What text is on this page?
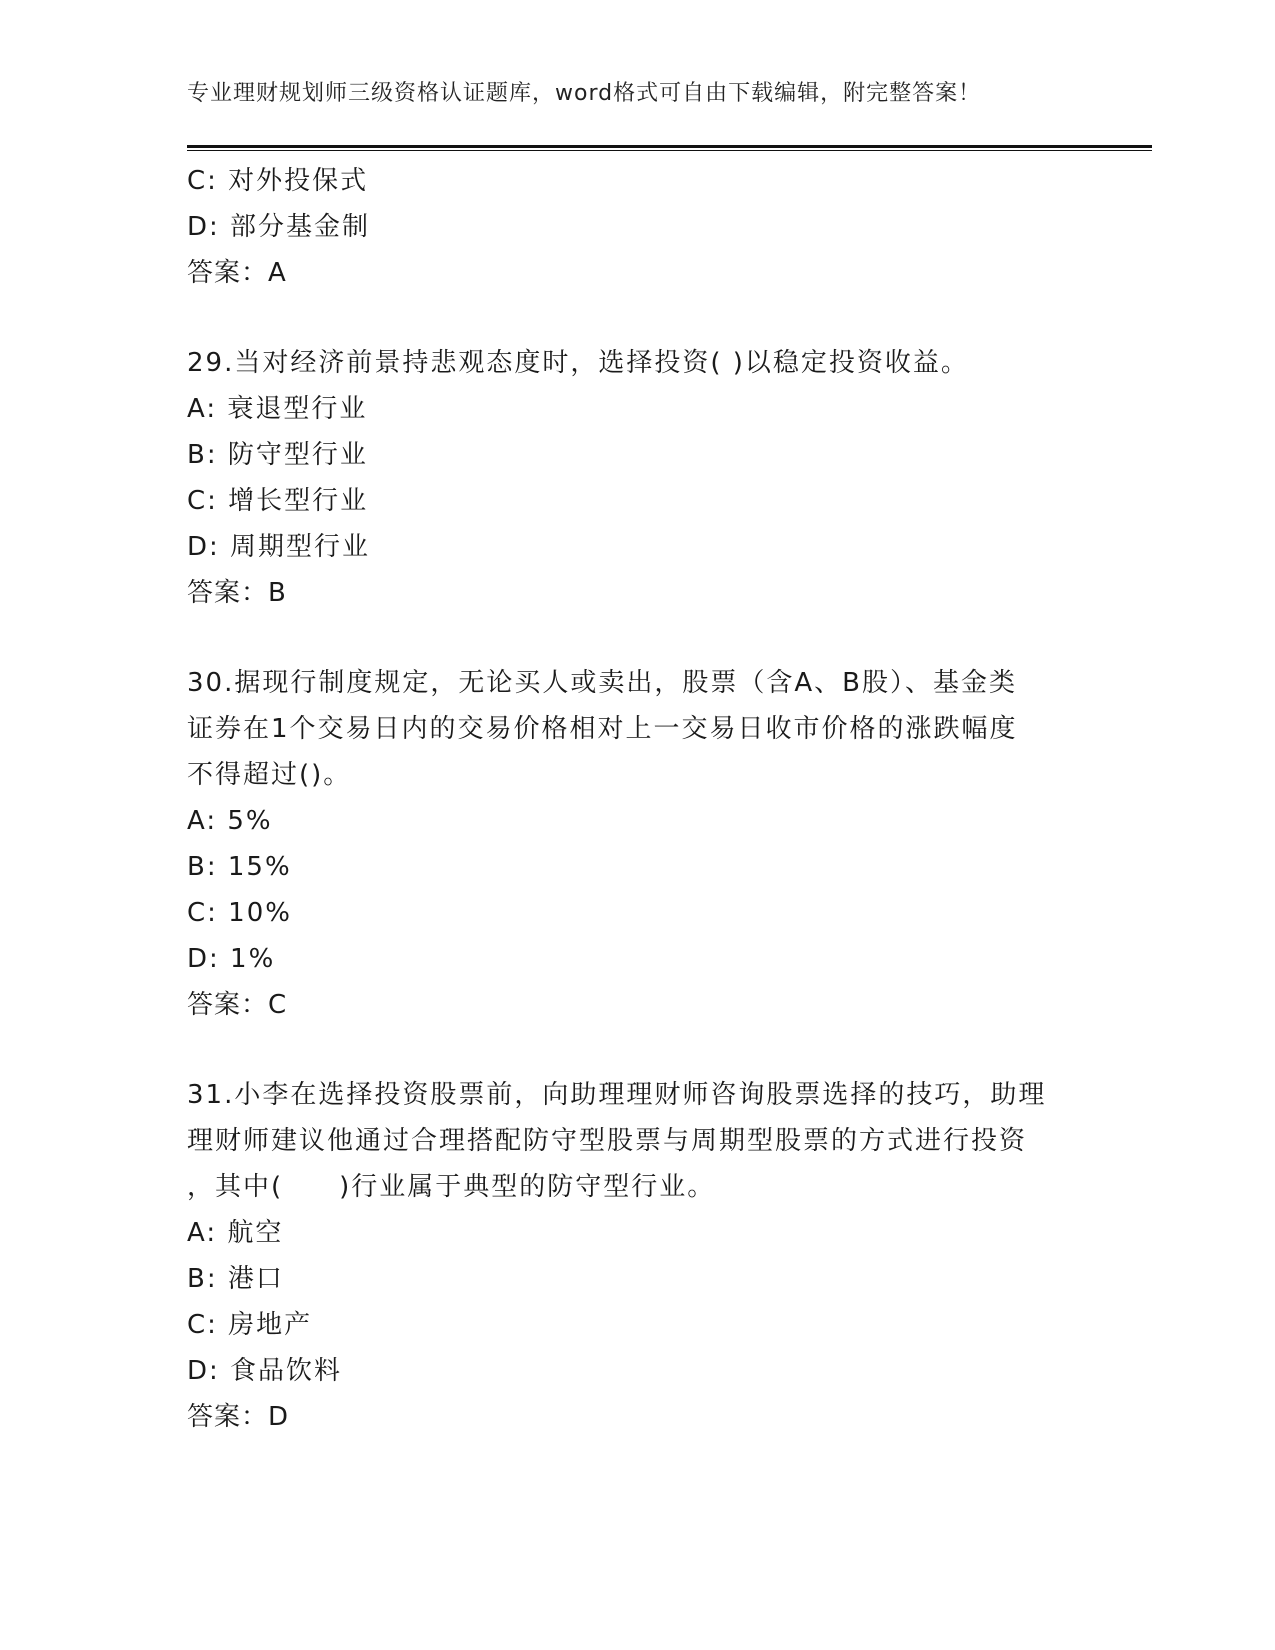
专业理财规划师三级资格认证题库，word格式可自由下载编辑，附完整答案！
C: 对外投保式
D: 部分基金制
答案：A
29.当对经济前景持悲观态度时，选择投资( )以稳定投资收益。
A: 衰退型行业
B: 防守型行业
C: 增长型行业
D: 周期型行业
答案：B
30.据现行制度规定，无论买人或卖出，股票（含A、B股）、基金类
证券在1个交易日内的交易价格相对上一交易日收市价格的涨跌幅度
不得超过()。
A: 5%
B: 15%
C: 10%
D: 1%
答案：C
31.小李在选择投资股票前，向助理理财师咨询股票选择的技巧，助理
理财师建议他通过合理搭配防守型股票与周期型股票的方式进行投资
，其中(　　)行业属于典型的防守型行业。
A: 航空
B: 港口
C: 房地产
D: 食品饮料
答案：D
